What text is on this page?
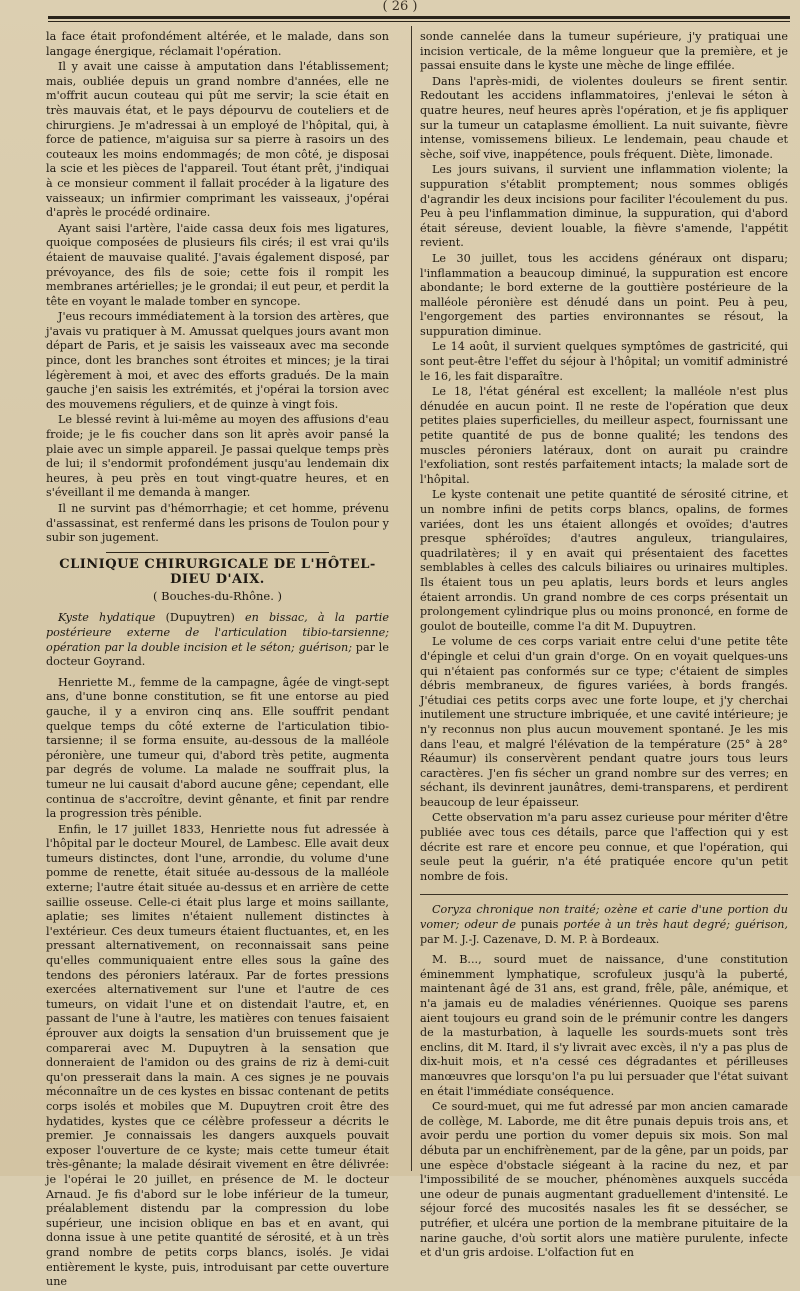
( 26 )

la face était profondément altérée, et le malade, dans son langage énergique, réclamait l'opération.

Il y avait une caisse à amputation dans l'établissement; mais, oubliée depuis un grand nombre d'années, elle ne m'offrit aucun couteau qui pût me servir; la scie était en très mauvais état, et le pays dépourvu de couteliers et de chirurgiens. Je m'adressai à un employé de l'hôpital, qui, à force de patience, m'aiguisa sur sa pierre à rasoirs un des couteaux les moins endommagés; de mon côté, je disposai la scie et les pièces de l'appareil. Tout étant prêt, j'indiquai à ce monsieur comment il fallait procéder à la ligature des vaisseaux; un infirmier comprimant les vaisseaux, j'opérai d'après le procédé ordinaire.

Ayant saisi l'artère, l'aide cassa deux fois mes ligatures, quoique composées de plusieurs fils cirés; il est vrai qu'ils étaient de mauvaise qualité. J'avais également disposé, par prévoyance, des fils de soie; cette fois il rompit les membranes artérielles; je le grondai; il eut peur, et perdit la tête en voyant le malade tomber en syncope.

J'eus recours immédiatement à la torsion des artères, que j'avais vu pratiquer à M. Amussat quelques jours avant mon départ de Paris, et je saisis les vaisseaux avec ma seconde pince, dont les branches sont étroites et minces; je la tirai légèrement à moi, et avec des efforts gradués. De la main gauche j'en saisis les extrémités, et j'opérai la torsion avec des mouvemens réguliers, et de quinze à vingt fois.

Le blessé revint à lui-même au moyen des affusions d'eau froide; je le fis coucher dans son lit après avoir pansé la plaie avec un simple appareil. Je passai quelque temps près de lui; il s'endormit profondément jusqu'au lendemain dix heures, à peu près en tout vingt-quatre heures, et en s'éveillant il me demanda à manger.

Il ne survint pas d'hémorrhagie; et cet homme, prévenu d'assassinat, est renfermé dans les prisons de Toulon pour y subir son jugement.

CLINIQUE CHIRURGICALE DE L'HÔTEL-DIEU D'AIX.

( Bouches-du-Rhône. )

Kyste hydatique (Dupuytren) en bissac, à la partie postérieure externe de l'articulation tibio-tarsienne; opération par la double incision et le séton; guérison; par le docteur Goyrand.

Henriette M., femme de la campagne, âgée de vingt-sept ans, d'une bonne constitution, se fit une entorse au pied gauche, il y a environ cinq ans. Elle souffrit pendant quelque temps du côté externe de l'articulation tibio-tarsienne; il se forma ensuite, au-dessous de la malléole péronière, une tumeur qui, d'abord très petite, augmenta par degrés de volume. La malade ne souffrait plus, la tumeur ne lui causait d'abord aucune gêne; cependant, elle continua de s'accroître, devint gênante, et finit par rendre la progression très pénible.

Enfin, le 17 juillet 1833, Henriette nous fut adressée à l'hôpital par le docteur Mourel, de Lambesc. Elle avait deux tumeurs distinctes, dont l'une, arrondie, du volume d'une pomme de renette, était située au-dessous de la malléole externe; l'autre était située au-dessus et en arrière de cette saillie osseuse. Celle-ci était plus large et moins saillante, aplatie; ses limites n'étaient nullement distinctes à l'extérieur. Ces deux tumeurs étaient fluctuantes, et, en les pressant alternativement, on reconnaissait sans peine qu'elles communiquaient entre elles sous la gaîne des tendons des péroniers latéraux. Par de fortes pressions exercées alternativement sur l'une et l'autre de ces tumeurs, on vidait l'une et on distendait l'autre, et, en passant de l'une à l'autre, les matières con tenues faisaient éprouver aux doigts la sensation d'un bruissement que je comparerai avec M. Dupuytren à la sensation que donneraient de l'amidon ou des grains de riz à demi-cuit qu'on presserait dans la main. A ces signes je ne pouvais méconnaître un de ces kystes en bissac contenant de petits corps isolés et mobiles que M. Dupuytren croit être des hydatides, kystes que ce célèbre professeur a décrits le premier. Je connaissais les dangers auxquels pouvait exposer l'ouverture de ce kyste; mais cette tumeur était très-gênante; la malade désirait vivement en être délivrée: je l'opérai le 20 juillet, en présence de M. le docteur Arnaud. Je fis d'abord sur le lobe inférieur de la tumeur, préalablement distendu par la compression du lobe supérieur, une incision oblique en bas et en avant, qui donna issue à une petite quantité de sérosité, et à un très grand nombre de petits corps blancs, isolés. Je vidai entièrement le kyste, puis, introduisant par cette ouverture une

sonde cannelée dans la tumeur supérieure, j'y pratiquai une incision verticale, de la même longueur que la première, et je passai ensuite dans le kyste une mèche de linge effilée.

Dans l'après-midi, de violentes douleurs se firent sentir. Redoutant les accidens inflammatoires, j'enlevai le séton à quatre heures, neuf heures après l'opération, et je fis appliquer sur la tumeur un cataplasme émollient. La nuit suivante, fièvre intense, vomissemens bilieux. Le lendemain, peau chaude et sèche, soif vive, inappétence, pouls fréquent. Diète, limonade.

Les jours suivans, il survient une inflammation violente; la suppuration s'établit promptement; nous sommes obligés d'agrandir les deux incisions pour faciliter l'écoulement du pus. Peu à peu l'inflammation diminue, la suppuration, qui d'abord était séreuse, devient louable, la fièvre s'amende, l'appétit revient.

Le 30 juillet, tous les accidens généraux ont disparu; l'inflammation a beaucoup diminué, la suppuration est encore abondante; le bord externe de la gouttière postérieure de la malléole péronière est dénudé dans un point. Peu à peu, l'engorgement des parties environnantes se résout, la suppuration diminue.

Le 14 août, il survient quelques symptômes de gastricité, qui sont peut-être l'effet du séjour à l'hôpital; un vomitif administré le 16, les fait disparaître.

Le 18, l'état général est excellent; la malléole n'est plus dénudée en aucun point. Il ne reste de l'opération que deux petites plaies superficielles, du meilleur aspect, fournissant une petite quantité de pus de bonne qualité; les tendons des muscles péroniers latéraux, dont on aurait pu craindre l'exfoliation, sont restés parfaitement intacts; la malade sort de l'hôpital.

Le kyste contenait une petite quantité de sérosité citrine, et un nombre infini de petits corps blancs, opalins, de formes variées, dont les uns étaient allongés et ovoïdes; d'autres presque sphéroïdes; d'autres anguleux, triangulaires, quadrilatères; il y en avait qui présentaient des facettes semblables à celles des calculs biliaires ou urinaires multiples. Ils étaient tous un peu aplatis, leurs bords et leurs angles étaient arrondis. Un grand nombre de ces corps présentait un prolongement cylindrique plus ou moins prononcé, en forme de goulot de bouteille, comme l'a dit M. Dupuytren.

Le volume de ces corps variait entre celui d'une petite tête d'épingle et celui d'un grain d'orge. On en voyait quelques-uns qui n'étaient pas conformés sur ce type; c'étaient de simples débris membraneux, de figures variées, à bords frangés. J'étudiai ces petits corps avec une forte loupe, et j'y cherchai inutilement une structure imbriquée, et une cavité intérieure; je n'y reconnus non plus aucun mouvement spontané. Je les mis dans l'eau, et malgré l'élévation de la température (25° à 28° Réaumur) ils conservèrent pendant quatre jours tous leurs caractères. J'en fis sécher un grand nombre sur des verres; en séchant, ils devinrent jaunâtres, demi-transparens, et perdirent beaucoup de leur épaisseur.

Cette observation m'a paru assez curieuse pour mériter d'être publiée avec tous ces détails, parce que l'affection qui y est décrite est rare et encore peu connue, et que l'opération, qui seule peut la guérir, n'a été pratiquée encore qu'un petit nombre de fois.

Coryza chronique non traité; ozène et carie d'une portion du vomer; odeur de punais portée à un très haut degré; guérison, par M. J.-J. Cazenave, D. M. P. à Bordeaux.

M. B..., sourd muet de naissance, d'une constitution éminemment lymphatique, scrofuleux jusqu'à la puberté, maintenant âgé de 31 ans, est grand, frêle, pâle, anémique, et n'a jamais eu de maladies vénériennes. Quoique ses parens aient toujours eu grand soin de le prémunir contre les dangers de la masturbation, à laquelle les sourds-muets sont très enclins, dit M. Itard, il s'y livrait avec excès, il n'y a pas plus de dix-huit mois, et n'a cessé ces dégradantes et périlleuses manœuvres que lorsqu'on l'a pu lui persuader que l'état suivant en était l'immédiate conséquence.

Ce sourd-muet, qui me fut adressé par mon ancien camarade de collège, M. Laborde, me dit être punais depuis trois ans, et avoir perdu une portion du vomer depuis six mois. Son mal débuta par un enchifrènement, par de la gêne, par un poids, par une espèce d'obstacle siégeant à la racine du nez, et par l'impossibilité de se moucher, phénomènes auxquels succéda une odeur de punais augmentant graduellement d'intensité. Le séjour forcé des mucosités nasales les fit se dessécher, se putréfier, et ulcéra une portion de la membrane pituitaire de la narine gauche, d'où sortit alors une matière purulente, infecte et d'un gris ardoise. L'olfaction fut en
